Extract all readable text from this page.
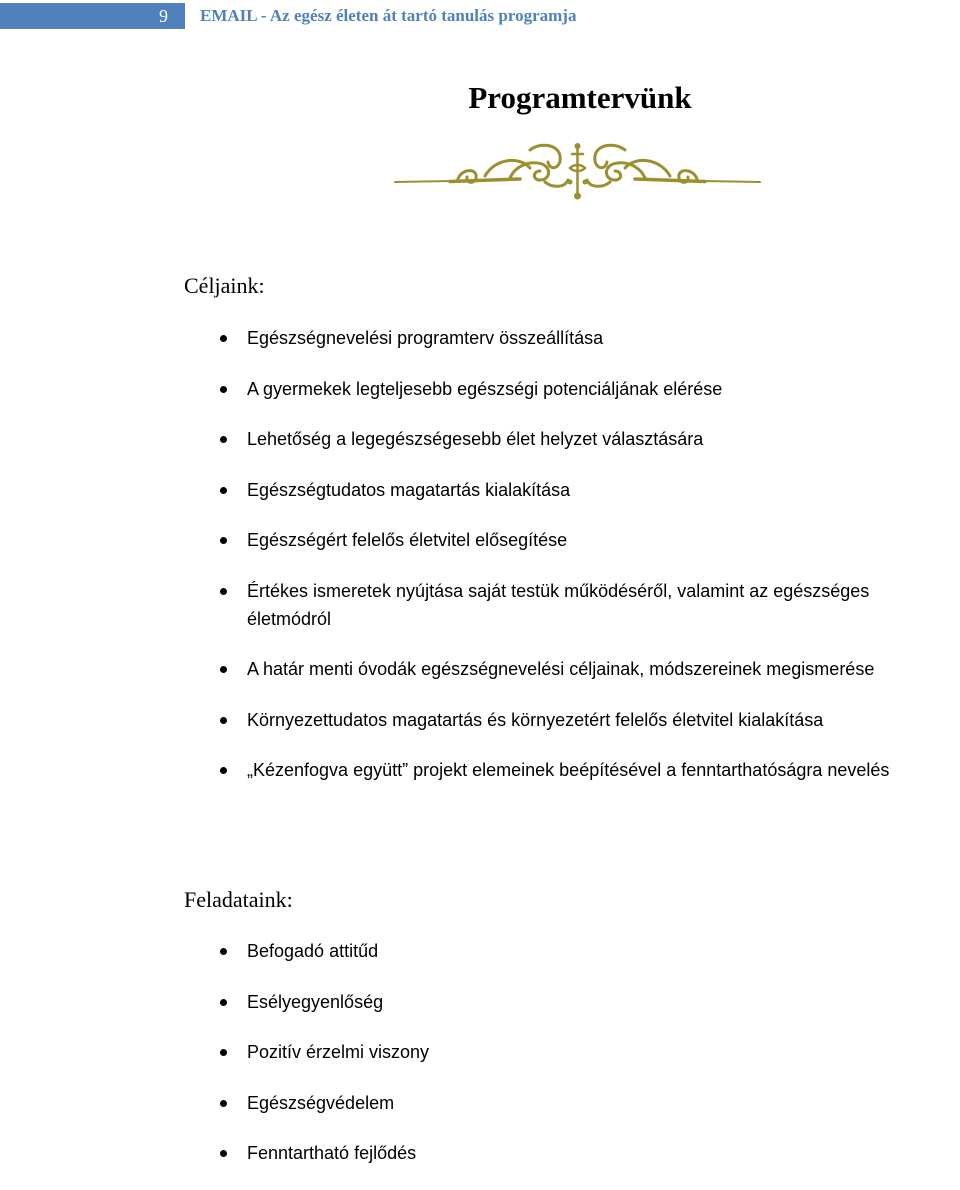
9	EMAIL - Az egész életen át tartó tanulás programja
Programtervünk
Céljaink:
Egészségnevelési programterv összeállítása
A gyermekek legteljesebb egészségi potenciáljának elérése
Lehetőség a legegészségesebb élet helyzet választására
Egészségtudatos magatartás kialakítása
Egészségért felelős életvitel elősegítése
Értékes ismeretek nyújtása saját testük működéséről, valamint az egészséges életmódról
A határ menti óvodák egészségnevelési céljainak, módszereinek megismerése
Környezettudatos magatartás és környezetért felelős életvitel kialakítása
„Kézenfogva együtt” projekt elemeinek beépítésével a fenntarthatóságra nevelés
Feladataink:
Befogadó attitűd
Esélyegyenlőség
Pozitív érzelmi viszony
Egészségvédelem
Fenntartható fejlődés
